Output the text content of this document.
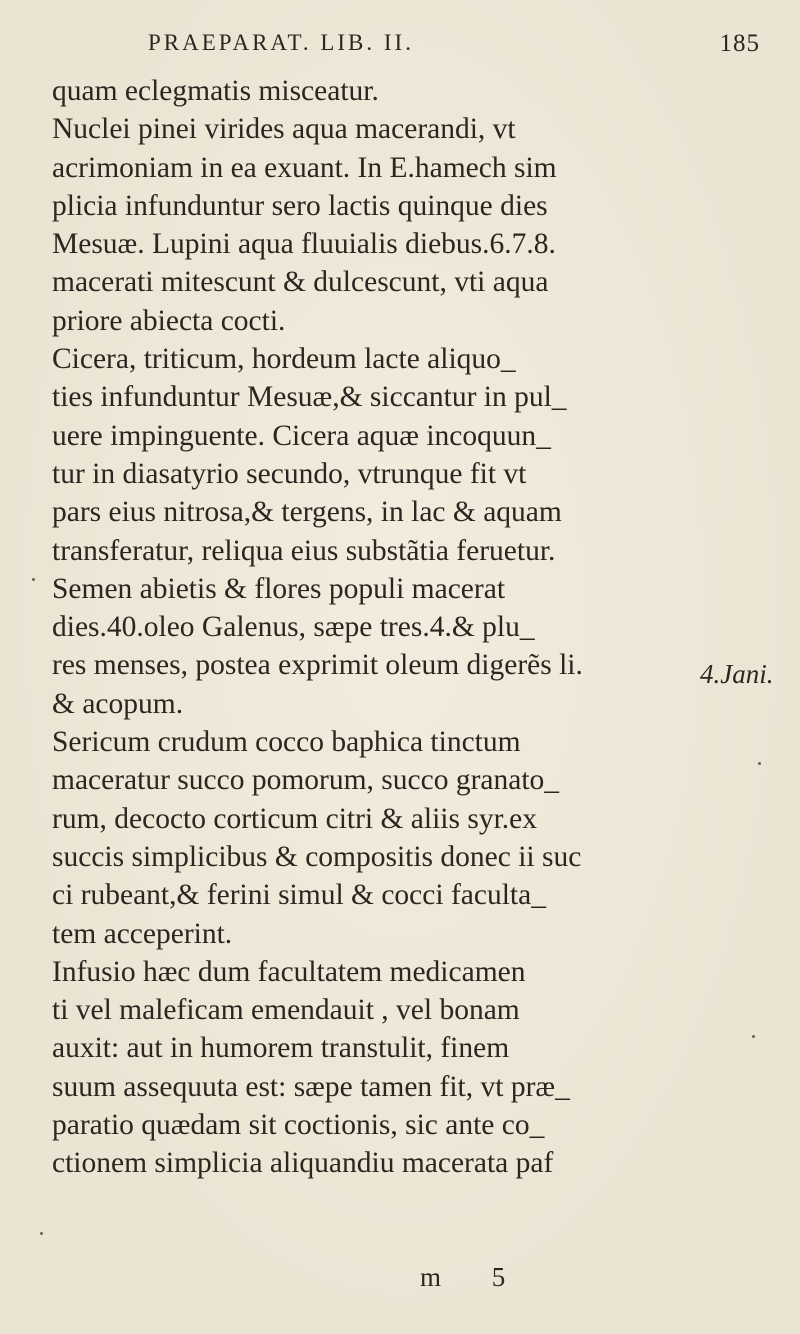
PRAEPARAT. LIB. II.	185
quam eclegmatis misceatur.
Nuclei pinei virides aqua macerandi, vt
acrimoniam in ea exuant. In E.hamech sim
plicia infunduntur sero lactis quinque dies
Mesuæ. Lupini aqua fluuialis diebus.6.7.8.
macerati mitescunt & dulcescunt, vti aqua
priore abiecta cocti.
Cicera, triticum, hordeum lacte aliquo_
ties infunduntur Mesuæ,& siccantur in pul_
uere impinguente. Cicera aquæ incoquun_
tur in diasatyrio secundo, vtrunque fit vt
pars eius nitrosa,& tergens, in lac & aquam
transferatur, reliqua eius substãtia feruetur.
Semen abietis & flores populi macerat
dies.40.oleo Galenus, sæpe tres.4.& plu_
res menses, postea exprimit oleum digerẽs li.
& acopum.
Sericum crudum cocco baphica tinctum
maceratur succo pomorum, succo granato_
rum, decocto corticum citri & aliis syr.ex
succis simplicibus & compositis donec ii suc
ci rubeant,& ferini simul & cocci faculta_
tem acceperint.
Infusio hæc dum facultatem medicamen
ti vel maleficam emendauit , vel bonam
auxit: aut in humorem transtulit, finem
suum assequuta est: sæpe tamen fit, vt præ_
paratio quædam sit coctionis, sic ante co_
ctionem simplicia aliquandiu macerata paf
4.Jani.
m 5
